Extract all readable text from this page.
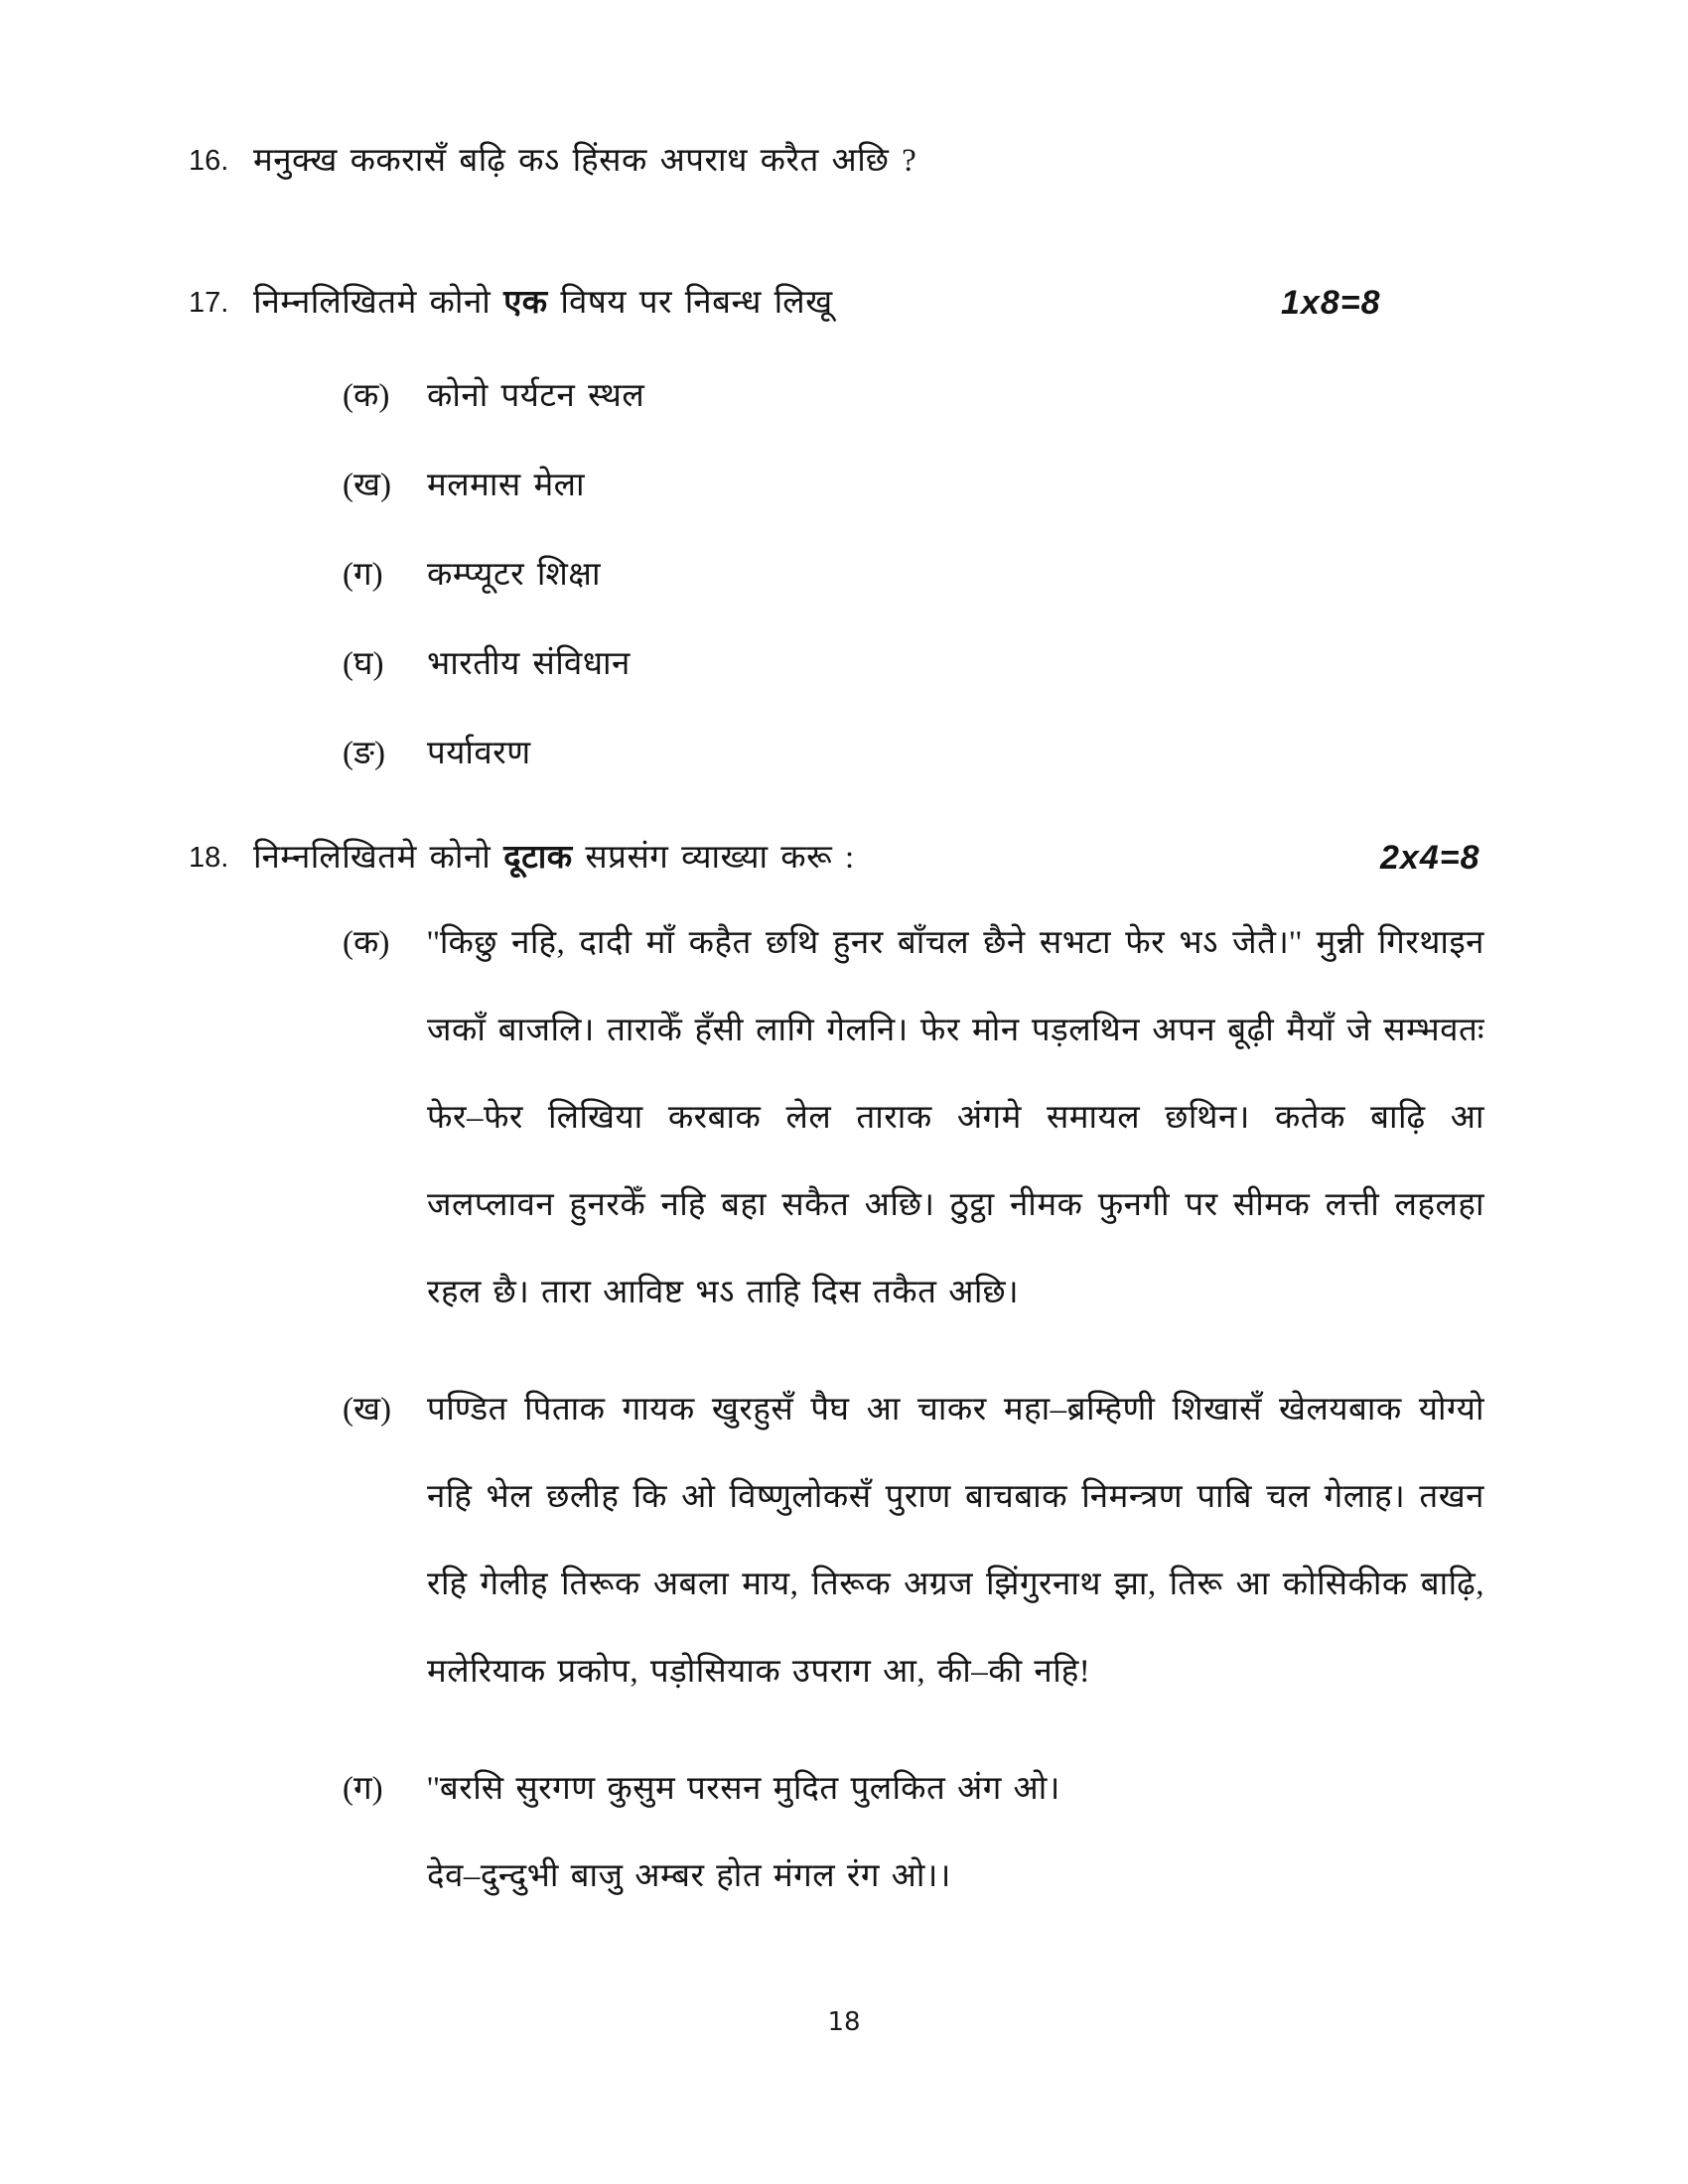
16. मनुक्ख ककरासँ बढ़ि कऽ हिंसक अपराध करैत अछि ?
17. निम्नलिखितमे कोनो एक विषय पर निबन्ध लिखू	1x8=8
(क)	कोनो पर्यटन स्थल
(ख)	मलमास मेला
(ग)	कम्प्यूटर शिक्षा
(घ)	भारतीय संविधान
(ङ)	पर्यावरण
18. निम्नलिखितमे कोनो दूटाक सप्रसंग व्याख्या करू :	2x4=8
(क)	''किछु नहि, दादी माँ कहैत छथि हुनर बाँचल छैने सभटा फेर भऽ जेतै।'' मुन्नी गिरथाइन जकाँ बाजलि। ताराकेँ हँसी लागि गेलनि। फेर मोन पड़लथिन अपन बूढ़ी मैयाँ जे सम्भवतः फेर–फेर लिखिया करबाक लेल ताराक अंगमे समायल छथिन। कतेक बाढ़ि आ जलप्लावन हुनरकेँ नहि बहा सकैत अछि। ठुट्ठा नीमक फुनगी पर सीमक लत्ती लहलहा रहल छै। तारा आविष्ट भऽ ताहि दिस तकैत अछि।
(ख)	पण्डित पिताक गायक खुरहुसँ पैघ आ चाकर महा–ब्रम्हिणी शिखासँ खेलयबाक योग्यो नहि भेल छलीह कि ओ विष्णुलोकसँ पुराण बाचबाक निमन्त्रण पाबि चल गेलाह। तखन रहि गेलीह तिरूक अबला माय, तिरूक अग्रज झिंगुरनाथ झा, तिरू आ कोसिकीक बाढ़ि, मलेरियाक प्रकोप, पड़ोसियाक उपराग आ, की–की नहि!
(ग)	''बरसि सुरगण कुसुम परसन मुदित पुलकित अंग ओ।
देव–दुन्दुभी बाजु अम्बर होत मंगल रंग ओ।।
18
